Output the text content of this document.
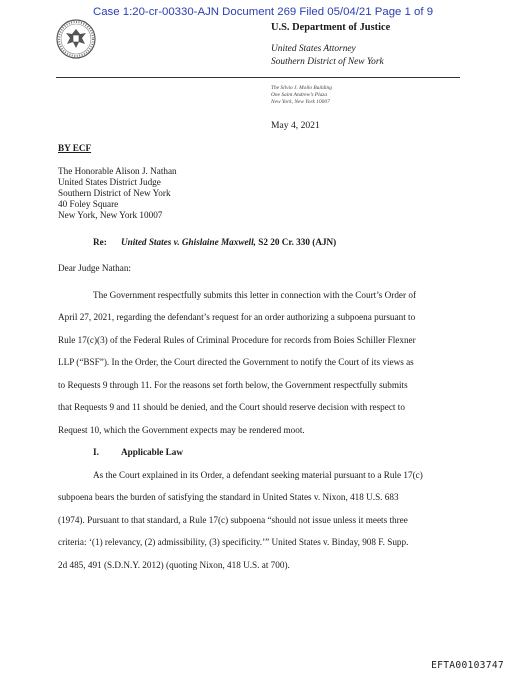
Case 1:20-cr-00330-AJN Document 269 Filed 05/04/21 Page 1 of 9
U.S. Department of Justice
United States Attorney
Southern District of New York
The Silvio J. Mollo Building
One Saint Andrew’s Plaza
New York, New York 10007
May 4, 2021
BY ECF
The Honorable Alison J. Nathan
United States District Judge
Southern District of New York
40 Foley Square
New York, New York 10007
Re: United States v. Ghislaine Maxwell, S2 20 Cr. 330 (AJN)
Dear Judge Nathan:
The Government respectfully submits this letter in connection with the Court’s Order of
April 27, 2021, regarding the defendant’s request for an order authorizing a subpoena pursuant to
Rule 17(c)(3) of the Federal Rules of Criminal Procedure for records from Boies Schiller Flexner
LLP (“BSF”). In the Order, the Court directed the Government to notify the Court of its views as
to Requests 9 through 11. For the reasons set forth below, the Government respectfully submits
that Requests 9 and 11 should be denied, and the Court should reserve decision with respect to
Request 10, which the Government expects may be rendered moot.
I. Applicable Law
As the Court explained in its Order, a defendant seeking material pursuant to a Rule 17(c)
subpoena bears the burden of satisfying the standard in United States v. Nixon, 418 U.S. 683
(1974). Pursuant to that standard, a Rule 17(c) subpoena “should not issue unless it meets three
criteria: ‘(1) relevancy, (2) admissibility, (3) specificity.’” United States v. Binday, 908 F. Supp.
2d 485, 491 (S.D.N.Y. 2012) (quoting Nixon, 418 U.S. at 700).
EFTA00103747
